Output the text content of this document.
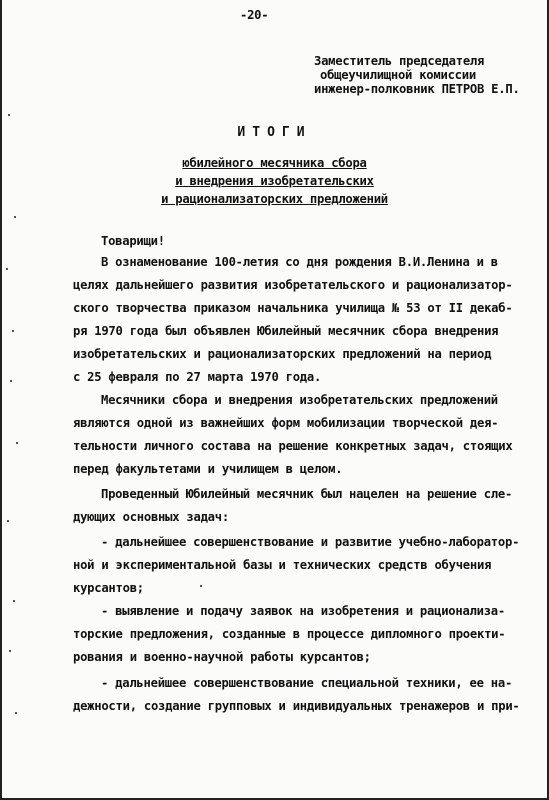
-20-
Заместитель председателя
общеучилищной комиссии
инженер-полковник ПЕТРОВ Е.П.
ИТОГИ
юбилейного месячника сбора
и внедрения изобретательских
и рационализаторских предложений
Товарищи!
В ознаменование 100-летия со дня рождения В.И.Ленина и в
целях дальнейшего развития изобретательского и рационализатор-
ского творчества приказом начальника училища № 53 от II декаб-
ря 1970 года был объявлен Юбилейный месячник сбора внедрения
изобретательских и рационализаторских предложений на период
с 25 февраля по 27 марта 1970 года.
Месячники сбора и внедрения изобретательских предложений
являются одной из важнейших форм мобилизации творческой дея-
тельности личного состава на решение конкретных задач, стоящих
перед факультетами и училищем в целом.
Проведенный Юбилейный месячник был нацелен на решение сле-
дующих основных задач:
- дальнейшее совершенствование и развитие учебно-лаборатор-
ной и экспериментальной базы и технических средств обучения
курсантов;
- выявление и подачу заявок на изобретения и рационализа-
торские предложения, созданные в процессе дипломного проекти-
рования и военно-научной работы курсантов;
- дальнейшее совершенствование специальной техники, ее на-
дежности, создание групповых и индивидуальных тренажеров и при-
